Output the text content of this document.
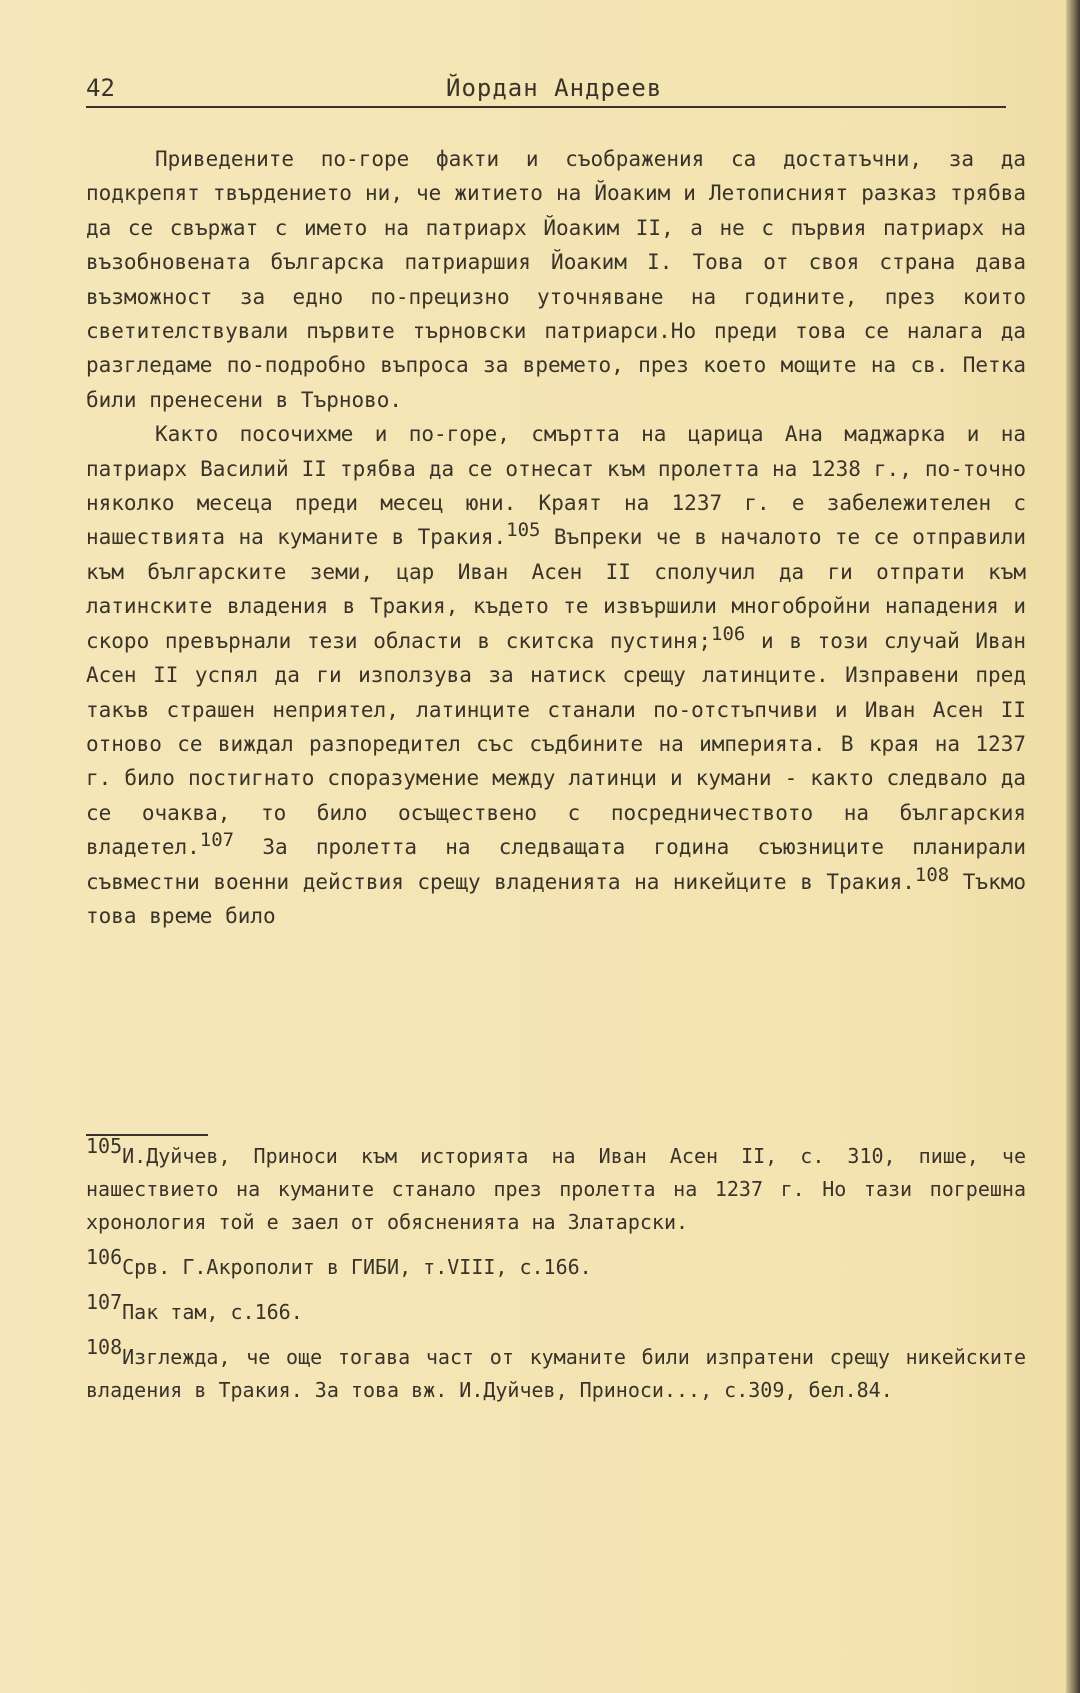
42	Йордан Андреев

Приведените по-горе факти и съображения са достатъчни, за да подкрепят твърдението ни, че житието на Йоаким и Летописният разказ трябва да се свържат с името на патриарх Йоаким II, а не с първия патриарх на възобновената българска патриаршия Йоаким I. Това от своя страна дава възможност за едно по-прецизно уточняване на годините, през които светителствували първите търновски патриарси.Но преди това се налага да разгледаме по-подробно въпроса за времето, през което мощите на св. Петка били пренесени в Търново.

Както посочихме и по-горе, смъртта на царица Ана маджарка и на патриарх Василий II трябва да се отнесат към пролетта на 1238 г., по-точно няколко месеца преди месец юни. Краят на 1237 г. е забележителен с нашествията на куманите в Тракия.$^{105}$ Въпреки че в началото те се отправили към българските земи, цар Иван Асен II сполучил да ги отпрати към латинските владения в Тракия, където те извършили многобройни нападения и скоро превърнали тези области в скитска пустиня;$^{106}$ и в този случай Иван Асен II успял да ги използува за натиск срещу латинците. Изправени пред такъв страшен неприятел, латинците станали по-отстъпчиви и Иван Асен II отново се виждал разпоредител със съдбините на империята. В края на 1237 г. било постигнато споразумение между латинци и кумани - както следвало да се очаква, то било осъществено с посредничеството на българския владетел.$^{107}$ За пролетта на следващата година съюзниците планирали съвместни военни действия срещу владенията на никейците в Тракия.$^{108}$ Тъкмо това време било

105И.Дуйчев, Приноси към историята на Иван Асен II, с. 310, пише, че нашествието на куманите станало през пролетта на 1237 г. Но тази погрешна хронология той е заел от обясненията на Златарски.

106Срв. Г.Акрополит в ГИБИ, т.VIII, с.166.

107Пак там, с.166.

108Изглежда, че още тогава част от куманите били изпратени срещу никейските владения в Тракия. За това вж. И.Дуйчев, Приноси..., с.309, бел.84.
